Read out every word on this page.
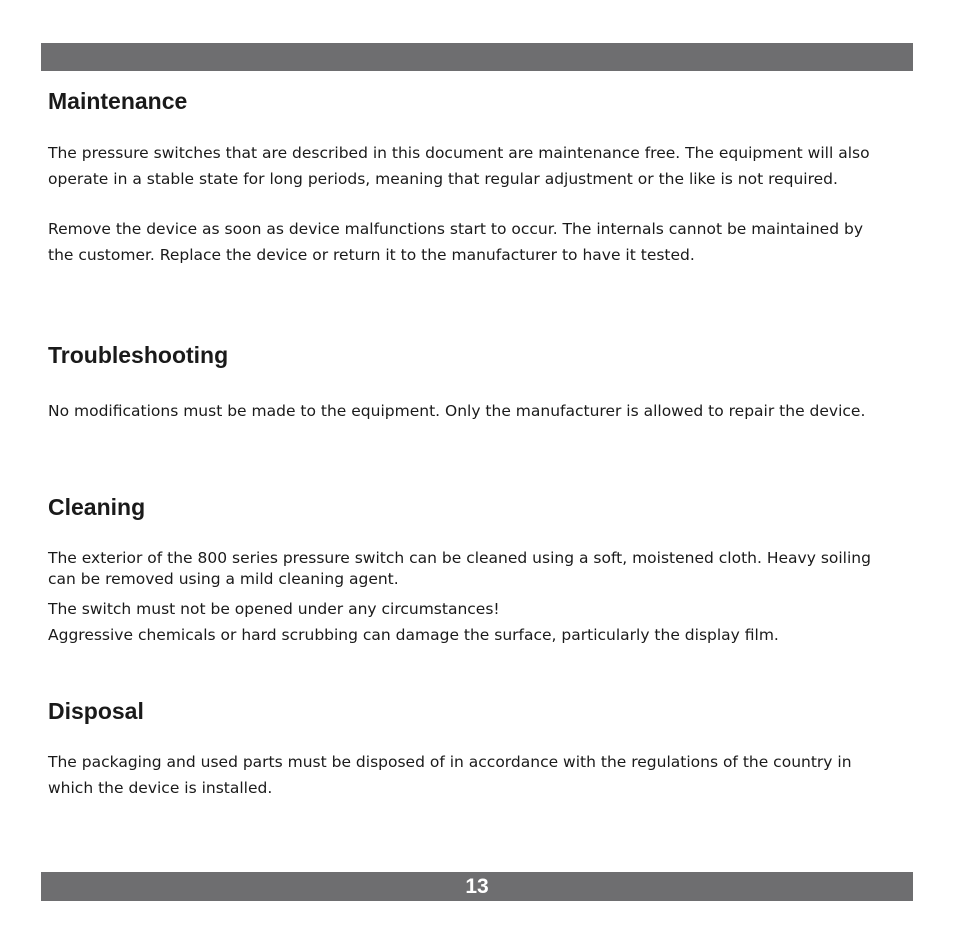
Maintenance

The pressure switches that are described in this document are maintenance free. The equipment will also operate in a stable state for long periods, meaning that regular adjustment or the like is not required.

Remove the device as soon as device malfunctions start to occur. The internals cannot be maintained by the customer. Replace the device or return it to the manufacturer to have it tested.

Troubleshooting

No modifications must be made to the equipment. Only the manufacturer is allowed to repair the device.

Cleaning

The exterior of the 800 series pressure switch can be cleaned using a soft, moistened cloth. Heavy soiling can be removed using a mild cleaning agent.

The switch must not be opened under any circumstances!

Aggressive chemicals or hard scrubbing can damage the surface, particularly the display film.

Disposal

The packaging and used parts must be disposed of in accordance with the regulations of the country in which the device is installed.

13
